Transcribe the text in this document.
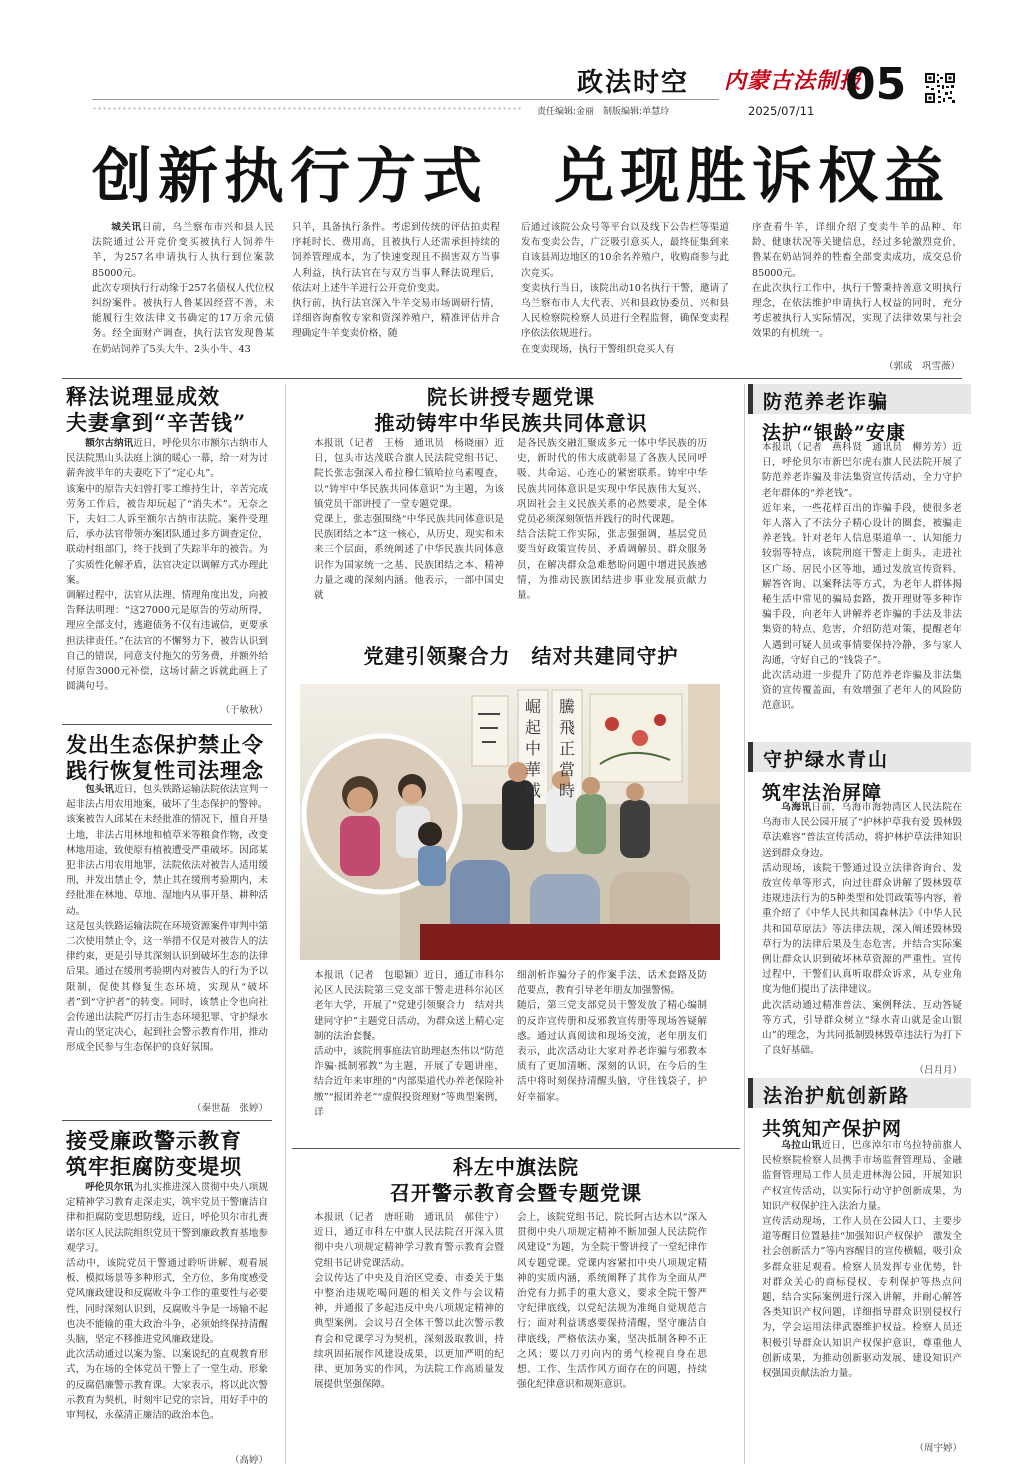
政法时空 内蒙古法制报
2025/07/11
05
责任编辑:金丽　制版编辑:单慧玲
创新执行方式　兑现胜诉权益
城关讯日前，乌兰察布市兴和县人民法院通过公开竞价变买被执行人饲养牛羊，为257名申请执行人执行到位案款85000元。
此次专项执行行动缘于257名债权人代位权纠纷案件。被执行人鲁某因经营不善，未能履行生效法律文书确定的17万余元债务。经全面财产调查，执行法官发现鲁某在奶站饲养了5头大牛、2头小牛、43
只羊，具备执行条件。考虑到传统的评估拍卖程序耗时长、费用高，且被执行人还需承担持续的饲养管理成本，为了快速变现且不损害双方当事人利益，执行法官在与双方当事人释法说理后，依法对上述牛羊进行公开竞价变卖。
执行前，执行法官深入牛羊交易市场调研行情，详细咨询畜牧专家和资深养殖户，精准评估并合理确定牛羊变卖价格，随
后通过该院公众号等平台以及线下公告栏等渠道发布变卖公告，广泛吸引意买人，最终征集到来自该县周边地区的10余名养殖户，收购商参与此次竞买。
变卖执行当日，该院出动10名执行干警，邀请了乌兰察布市人大代表、兴和县政协委员、兴和县人民检察院检察人员进行全程监督，确保变卖程序依法依规进行。
在变卖现场，执行干警组织竞买人有
序查看牛羊，详细介绍了变卖牛羊的品种、年龄、健康状况等关键信息，经过多轮激烈竞价，鲁某在奶站饲养的牲畜全部变卖成功，成交总价85000元。
在此次执行工作中，执行干警秉持善意文明执行理念，在依法维护申请执行人权益的同时，充分考虑被执行人实际情况，实现了法律效果与社会效果的有机统一。
（郭成　巩雪薇）
释法说理显成效
夫妻拿到“辛苦钱”
额尔古纳讯近日，呼伦贝尔市额尔古纳市人民法院黑山头法庭上演的暖心一幕，给一对为讨薪奔波半年的夫妻吃下了“定心丸”。
该案中的原告夫妇曾打零工维持生计，辛苦完成劳务工作后，被告却玩起了“消失术”。无奈之下，夫妇二人诉至额尔古纳市法院。案件受理后，承办法官带领办案团队通过多方调查定位，联动村组部门，终于找到了失踪半年的被告。为了实质性化解矛盾，法官决定以调解方式办理此案。
调解过程中，法官从法理、情理角度出发，向被告释法明理：“这27000元是原告的劳动所得，理应全部支付，逃避债务不仅有违诚信，更要承担法律责任。”在法官的不懈努力下，被告认识到自己的错误，同意支付拖欠的劳务费，并额外给付原告3000元补偿，这场讨薪之诉就此画上了圆满句号。
（于敏秋）
发出生态保护禁止令
践行恢复性司法理念
包头讯近日，包头铁路运输法院依法宣判一起非法占用农用地案，破坏了生态保护的警钟。
该案被告人邱某在未经批准的情况下，擅自开垦土地，非法占用林地和植草米等粮食作物，改变林地用途，致使原有植被遭受严重破坏。因邱某犯非法占用农用地罪，法院依法对被告人适用缓刑，并发出禁止令，禁止其在缓刑考验期内，未经批准在林地、草地、湿地内从事开垦、耕种活动。
这是包头铁路运输法院在环境资源案件审判中第二次使用禁止令，这一举措不仅是对被告人的法律约束，更是引导其深刻认识到破坏生态的法律后果。通过在缓刑考验期内对被告人的行为予以限制，促使其修复生态环境，实现从“破坏者”到“守护者”的转变。同时，该禁止令也向社会传递出法院严厉打击生态环境犯罪、守护绿水青山的坚定决心，起到社会警示教育作用，推动形成全民参与生态保护的良好氛围。
（秦世磊　张婷）
接受廉政警示教育
筑牢拒腐防变堤坝
呼伦贝尔讯为扎实推进深入贯彻中央八项规定精神学习教育走深走实，筑牢党员干警廉洁自律和拒腐防变思想防线，近日，呼伦贝尔市扎赉诺尔区人民法院组织党员干警到廉政教育基地参观学习。
活动中，该院党员干警通过聆听讲解、观看展板、模拟场景等多种形式，全方位、多角度感受党风廉政建设和反腐败斗争工作的重要性与必要性，同时深刻认识到，反腐败斗争是一场输不起也决不能输的重大政治斗争，必须始终保持清醒头脑，坚定不移推进党风廉政建设。
此次活动通过以案为鉴、以案说纪的直观教育形式，为在场的全体党员干警上了一堂生动、形象的反腐倡廉警示教育课。大家表示，将以此次警示教育为契机，时刻牢记党的宗旨，用好手中的审判权，永葆清正廉洁的政治本色。
（高婷）
院长讲授专题党课
推动铸牢中华民族共同体意识
本报讯（记者　王杨　通讯员　杨晓丽）近日，包头市达茂联合旗人民法院党组书记、院长张志强深入希拉穆仁镇哈拉乌素嘎查，以“铸牢中华民族共同体意识”为主题，为该镇党员干部讲授了一堂专题党课。
党课上，张志强围绕“中华民族共同体意识是民族团结之本”这一核心，从历史、现实和未来三个层面，系统阐述了中华民族共同体意识作为国家统一之基、民族团结之本、精神力量之魂的深刻内涵。他表示，一部中国史就
是各民族交融汇聚成多元一体中华民族的历史，新时代的伟大成就彰显了各族人民同呼吸、共命运、心连心的紧密联系。铸牢中华民族共同体意识是实现中华民族伟大复兴、巩固社会主义民族关系的必然要求，是全体党员必须深刻领悟并践行的时代课题。
结合法院工作实际，张志强强调，基层党员要当好政策宣传员、矛盾调解员、群众服务员，在解决群众急难愁盼问题中增进民族感情，为推动民族团结进步事业发展贡献力量。
党建引领聚合力　结对共建同守护
騰飛正當時
崛起中華威
本报讯（记者　包聪颖）近日，通辽市科尔沁区人民法院第三党支部干警走进科尔沁区老年大学，开展了“党建引领聚合力　结对共建同守护”主题党日活动，为群众送上精心定制的法治套餐。
活动中，该院刑事庭法官助理赵杰伟以“防范诈骗·抵制邪教”为主题，开展了专题讲座，结合近年来审理的“内部渠道代办养老保险补缴”“报团养老”“虚假投资理财”等典型案例，详
细剖析诈骗分子的作案手法、话术套路及防范要点，教育引导老年朋友加强警惕。
随后，第三党支部党员干警发放了精心编制的反诈宣传册和反邪教宣传册等现场答疑解惑。通过认真阅读和现场交流，老年朋友们表示，此次活动让大家对养老诈骗与邪教本质有了更加清晰、深刻的认识，在今后的生活中将时刻保持清醒头脑，守住钱袋子，护好幸福家。
科左中旗法院
召开警示教育会暨专题党课
本报讯（记者　唐旺勋　通讯员　郝佳宁）近日，通辽市科左中旗人民法院召开深入贯彻中央八项规定精神学习教育警示教育会暨党组书记讲党课活动。
会议传达了中央及自治区党委、市委关于集中整治违规吃喝问题的相关文件与会议精神，并通报了多起违反中央八项规定精神的典型案例。会议号召全体干警以此次警示教育会和党课学习为契机，深刻汲取教训，持续巩固拓展作风建设成果，以更加严明的纪律、更加务实的作风，为法院工作高质量发展提供坚强保障。
会上，该院党组书记、院长阿古达木以“深入贯彻中央八项规定精神不断加强人民法院作风建设”为题，为全院干警讲授了一堂纪律作风专题党课。党课内容紧扣中央八项规定精神的实质内涵，系统阐释了其作为全面从严治党有力抓手的重大意义，要求全院干警严守纪律底线，以党纪法规为准绳自觉规范言行；面对利益诱惑要保持清醒，坚守廉洁自律底线，严格依法办案，坚决抵制各种不正之风；要以刀刃向内的勇气检视自身在思想、工作、生活作风方面存在的问题，持续强化纪律意识和规矩意识。
防范养老诈骗
法护“银龄”安康
本报讯（记者　燕科贤　通讯员　柳芳芳）近日，呼伦贝尔市新巴尔虎右旗人民法院开展了防范养老诈骗及非法集资宣传活动，全力守护老年群体的“养老钱”。
近年来，一些花样百出的诈骗手段，使很多老年人落入了不法分子精心设计的圈套，被骗走养老钱。针对老年人信息渠道单一、认知能力较弱等特点，该院刑庭干警走上街头，走进社区广场、居民小区等地，通过发放宣传资料、解答咨询、以案释法等方式，为老年人群体揭秘生活中常见的骗局套路，拨开理财等多种诈骗手段，向老年人讲解养老诈骗的手法及非法集资的特点、危害，介绍防范对策，提醒老年人遇到可疑人员或事情要保持冷静，多与家人沟通，守好自己的“钱袋子”。
此次活动进一步提升了防范养老诈骗及非法集资的宣传覆盖面，有效增强了老年人的风险防范意识。
守护绿水青山
筑牢法治屏障
乌海讯日前，乌海市海勃湾区人民法院在乌海市人民公园开展了“护林护草我有爱 毁林毁草法难容”普法宣传活动，将护林护草法律知识送到群众身边。
活动现场，该院干警通过设立法律咨询台、发放宣传单等形式，向过往群众讲解了毁林毁草违规违法行为的5种类型和处罚政策等内容，着重介绍了《中华人民共和国森林法》《中华人民共和国草原法》等法律法规，深入阐述毁林毁草行为的法律后果及生态危害，并结合实际案例让群众认识到破坏林草资源的严重性。宣传过程中，干警们认真听取群众诉求，从专业角度为他们提出了法律建议。
此次活动通过精准普法、案例释法、互动答疑等方式，引导群众树立“绿水青山就是金山银山”的理念，为共同抵制毁林毁草违法行为打下了良好基础。
（吕月月）
法治护航创新路
共筑知产保护网
乌拉山讯近日，巴彦淖尔市乌拉特前旗人民检察院检察人员携手市场监督管理局、金融监督管理局工作人员走进林海公园，开展知识产权宣传活动，以实际行动守护创新成果，为知识产权保护注入法治力量。
宣传活动现场，工作人员在公园人口、主要步道等醒目位置悬挂“加强知识产权保护　激发全社会创新活力”等内容醒目的宣传横幅，吸引众多群众驻足观看。检察人员发挥专业优势，针对群众关心的商标侵权、专利保护等热点问题，结合实际案例进行深入讲解，并耐心解答各类知识产权问题，详细指导群众识别侵权行为，学会运用法律武器维护权益。检察人员还积极引导群众认知识产权保护意识，尊重他人创新成果，为推动创新驱动发展、建设知识产权强国贡献法治力量。
（周宇婷）
